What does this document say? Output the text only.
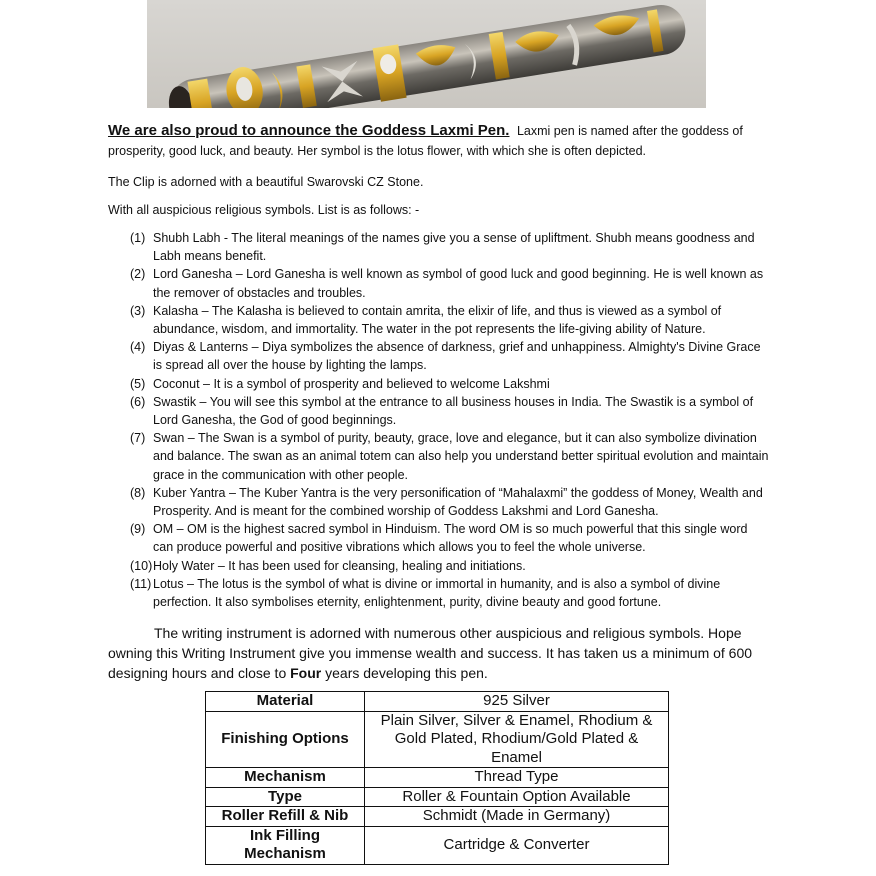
We are also proud to announce the Goddess Laxmi Pen. Laxmi pen is named after the goddess of prosperity, good luck, and beauty. Her symbol is the lotus flower, with which she is often depicted.
The Clip is adorned with a beautiful Swarovski CZ Stone.
With all auspicious religious symbols. List is as follows: -
(1) Shubh Labh - The literal meanings of the names give you a sense of upliftment. Shubh means goodness and Labh means benefit.
(2) Lord Ganesha – Lord Ganesha is well known as symbol of good luck and good beginning. He is well known as the remover of obstacles and troubles.
(3) Kalasha – The Kalasha is believed to contain amrita, the elixir of life, and thus is viewed as a symbol of abundance, wisdom, and immortality. The water in the pot represents the life-giving ability of Nature.
(4) Diyas & Lanterns – Diya symbolizes the absence of darkness, grief and unhappiness. Almighty's Divine Grace is spread all over the house by lighting the lamps.
(5) Coconut – It is a symbol of prosperity and believed to welcome Lakshmi
(6) Swastik – You will see this symbol at the entrance to all business houses in India. The Swastik is a symbol of Lord Ganesha, the God of good beginnings.
(7) Swan – The Swan is a symbol of purity, beauty, grace, love and elegance, but it can also symbolize divination and balance. The swan as an animal totem can also help you understand better spiritual evolution and maintain grace in the communication with other people.
(8) Kuber Yantra – The Kuber Yantra is the very personification of “Mahalaxmi” the goddess of Money, Wealth and Prosperity. And is meant for the combined worship of Goddess Lakshmi and Lord Ganesha.
(9) OM – OM is the highest sacred symbol in Hinduism. The word OM is so much powerful that this single word can produce powerful and positive vibrations which allows you to feel the whole universe.
(10) Holy Water – It has been used for cleansing, healing and initiations.
(11) Lotus – The lotus is the symbol of what is divine or immortal in humanity, and is also a symbol of divine perfection. It also symbolises eternity, enlightenment, purity, divine beauty and good fortune.
The writing instrument is adorned with numerous other auspicious and religious symbols. Hope owning this Writing Instrument give you immense wealth and success. It has taken us a minimum of 600 designing hours and close to Four years developing this pen.
Material	925 Silver
Finishing Options	Plain Silver, Silver & Enamel, Rhodium & Gold Plated, Rhodium/Gold Plated & Enamel
Mechanism	Thread Type
Type	Roller & Fountain Option Available
Roller Refill & Nib	Schmidt (Made in Germany)
Ink Filling Mechanism	Cartridge & Converter
